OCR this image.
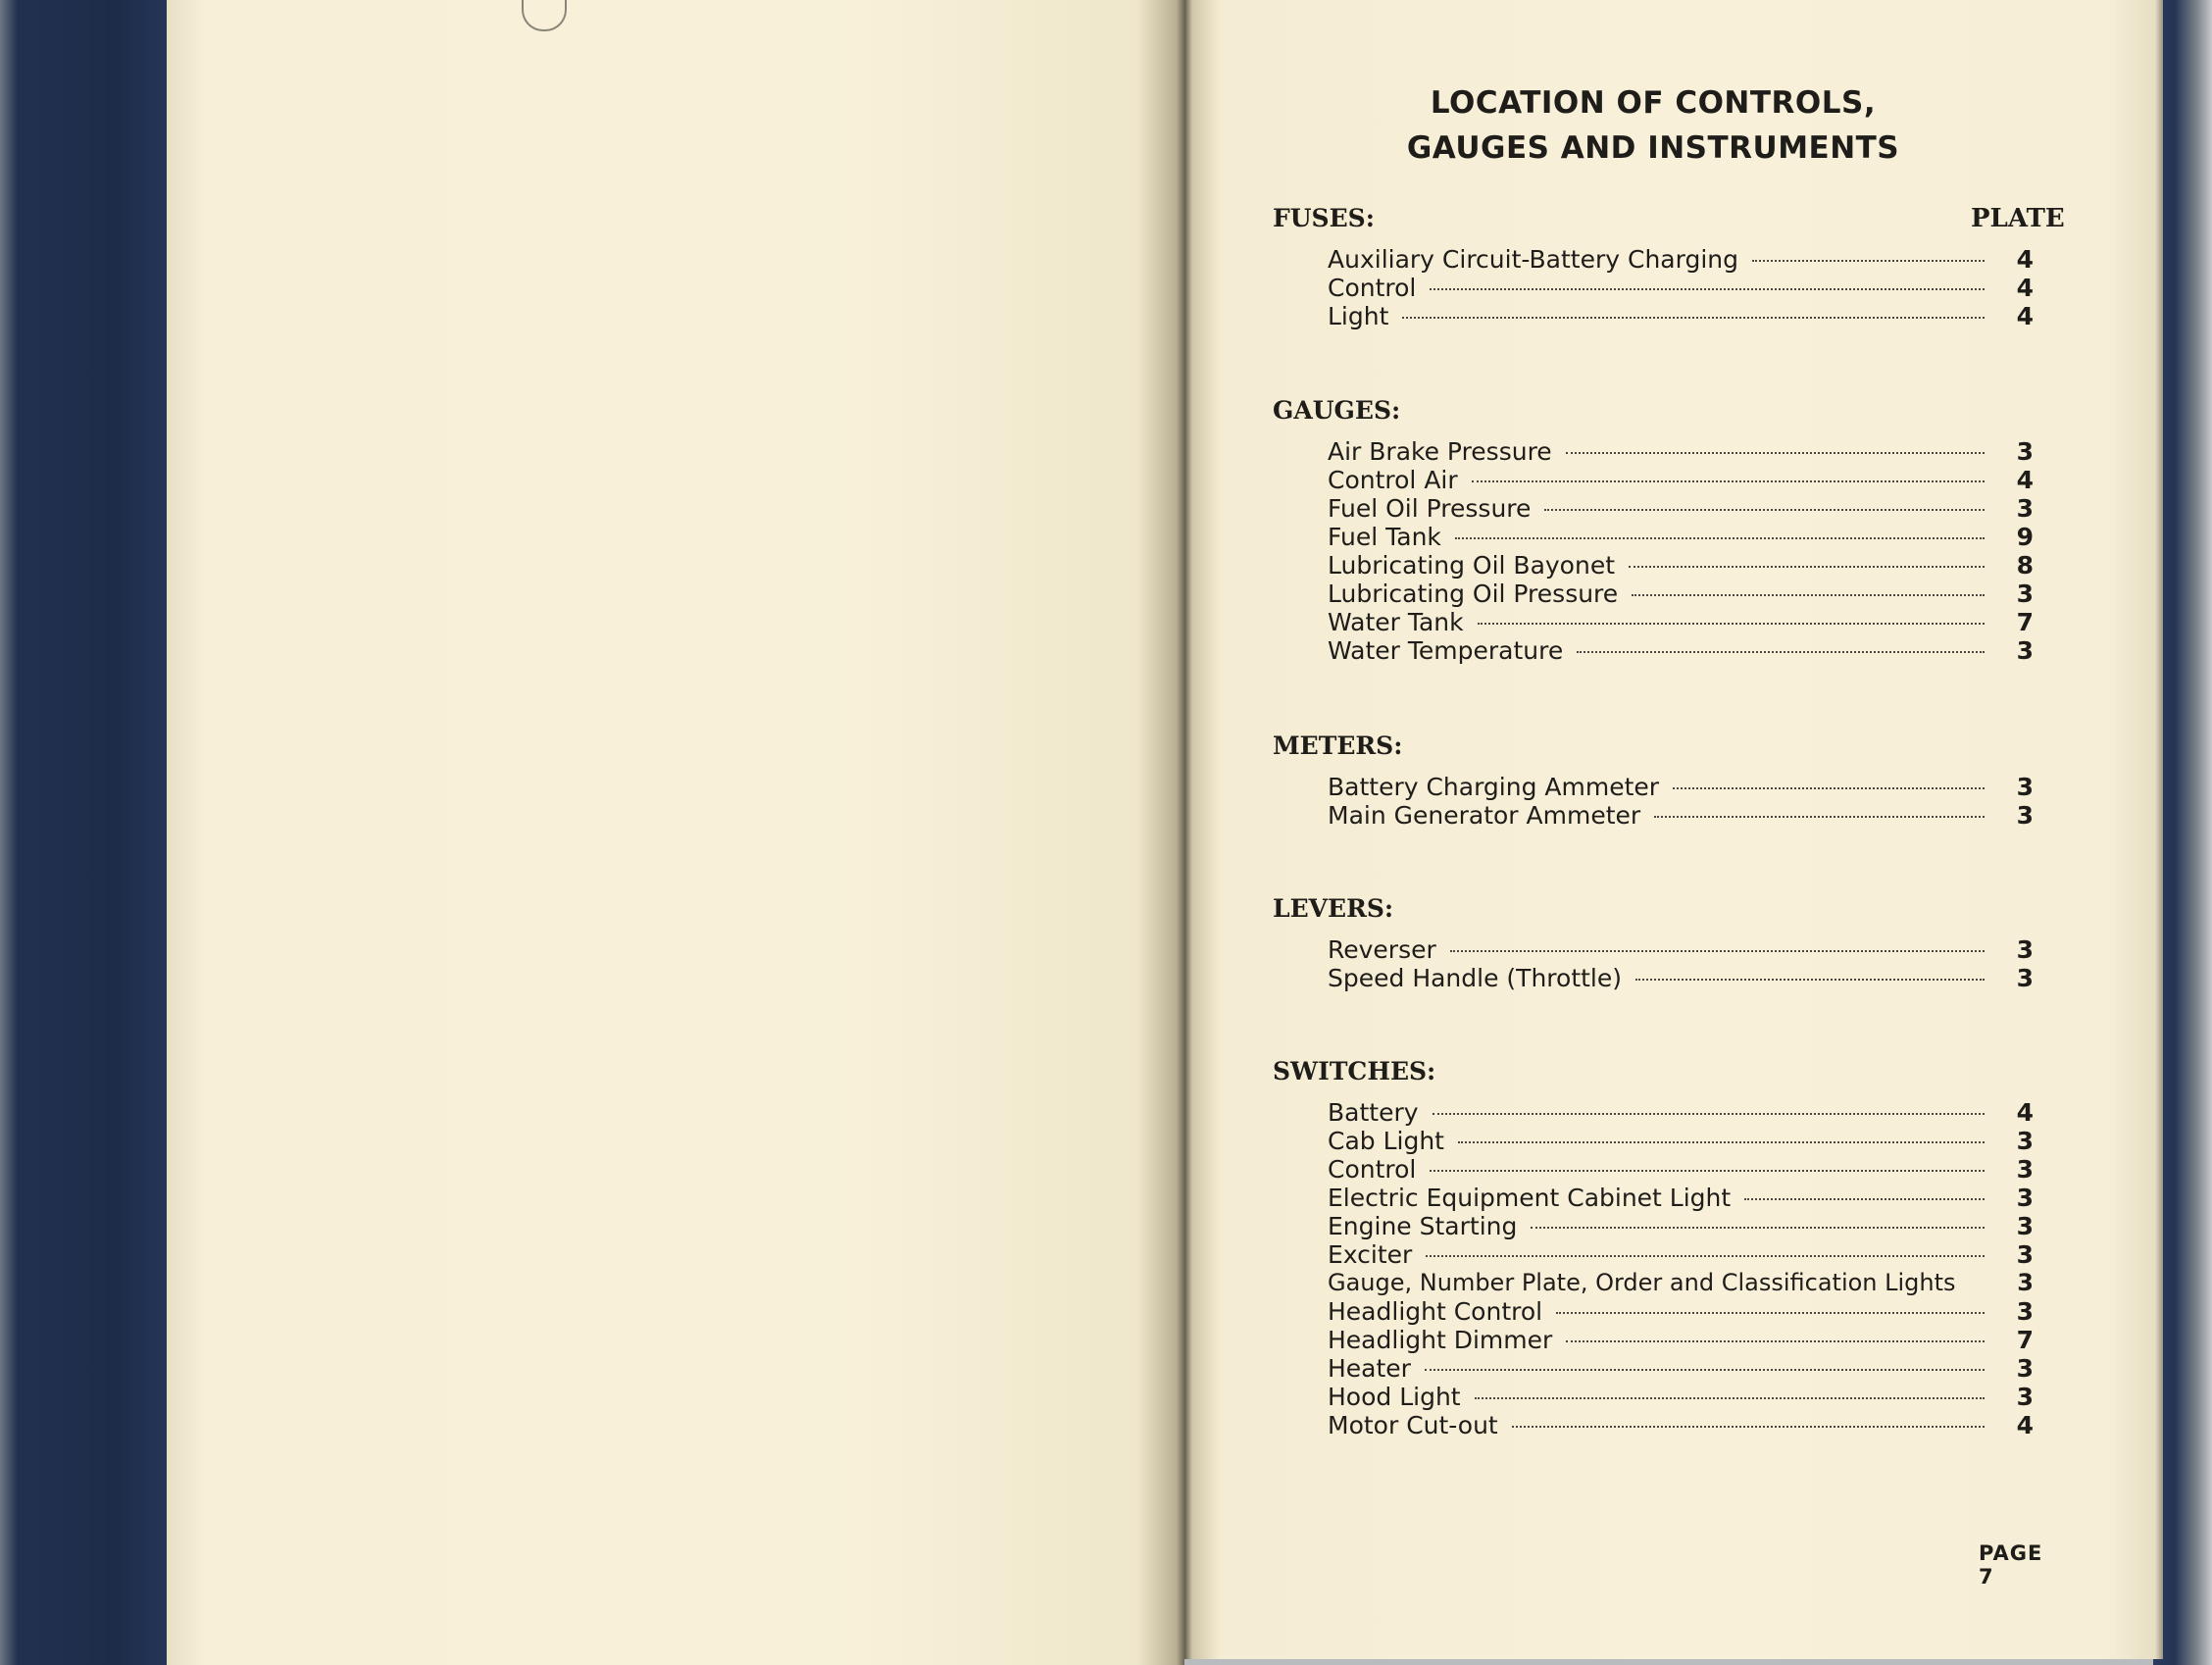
LOCATION OF CONTROLS,
GAUGES AND INSTRUMENTS
PLATE
FUSES:
Auxiliary Circuit-Battery Charging	4
Control	4
Light	4
GAUGES:
Air Brake Pressure	3
Control Air	4
Fuel Oil Pressure	3
Fuel Tank	9
Lubricating Oil Bayonet	8
Lubricating Oil Pressure	3
Water Tank	7
Water Temperature	3
METERS:
Battery Charging Ammeter	3
Main Generator Ammeter	3
LEVERS:
Reverser	3
Speed Handle (Throttle)	3
SWITCHES:
Battery	4
Cab Light	3
Control	3
Electric Equipment Cabinet Light	3
Engine Starting	3
Exciter	3
Gauge, Number Plate, Order and Classification Lights	3
Headlight Control	3
Headlight Dimmer	7
Heater	3
Hood Light	3
Motor Cut-out	4
PAGE 7
